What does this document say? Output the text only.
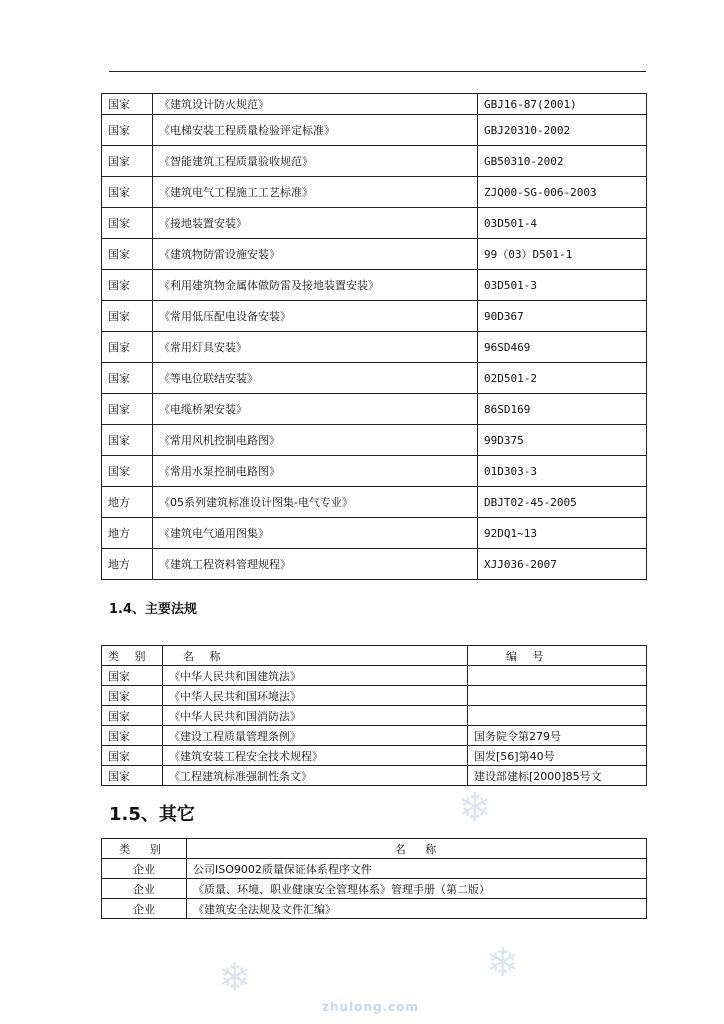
国家	《建筑设计防火规范》	GBJ16-87(2001)
国家	《电梯安装工程质量检验评定标准》	GBJ20310-2002
国家	《智能建筑工程质量验收规范》	GB50310-2002
国家	《建筑电气工程施工工艺标准》	ZJQ00-SG-006-2003
国家	《接地装置安装》	03D501-4
国家	《建筑物防雷设施安装》	99（03）D501-1
国家	《利用建筑物金属体做防雷及接地装置安装》	03D501-3
国家	《常用低压配电设备安装》	90D367
国家	《常用灯具安装》	96SD469
国家	《等电位联结安装》	02D501-2
国家	《电缆桥架安装》	86SD169
国家	《常用风机控制电路图》	99D375
国家	《常用水泵控制电路图》	01D303-3
地方	《05系列建筑标准设计图集-电气专业》	DBJT02-45-2005
地方	《建筑电气通用图集》	92DQ1~13
地方	《建筑工程资料管理规程》	XJJ036-2007
1.4、主要法规
类 别	名 称	编 号
国家	《中华人民共和国建筑法》	
国家	《中华人民共和国环境法》	
国家	《中华人民共和国消防法》	
国家	《建设工程质量管理条例》	国务院令第279号
国家	《建筑安装工程安全技术规程》	国发[56]第40号
国家	《工程建筑标准强制性条文》	建设部建标[2000]85号文
1.5、其它
类 别	名 称
企业	公司ISO9002质量保证体系程序文件
企业	《质量、环境、职业健康安全管理体系》管理手册（第二版）
企业	《建筑安全法规及文件汇编》
❄
❄	❄
zhulong.com
